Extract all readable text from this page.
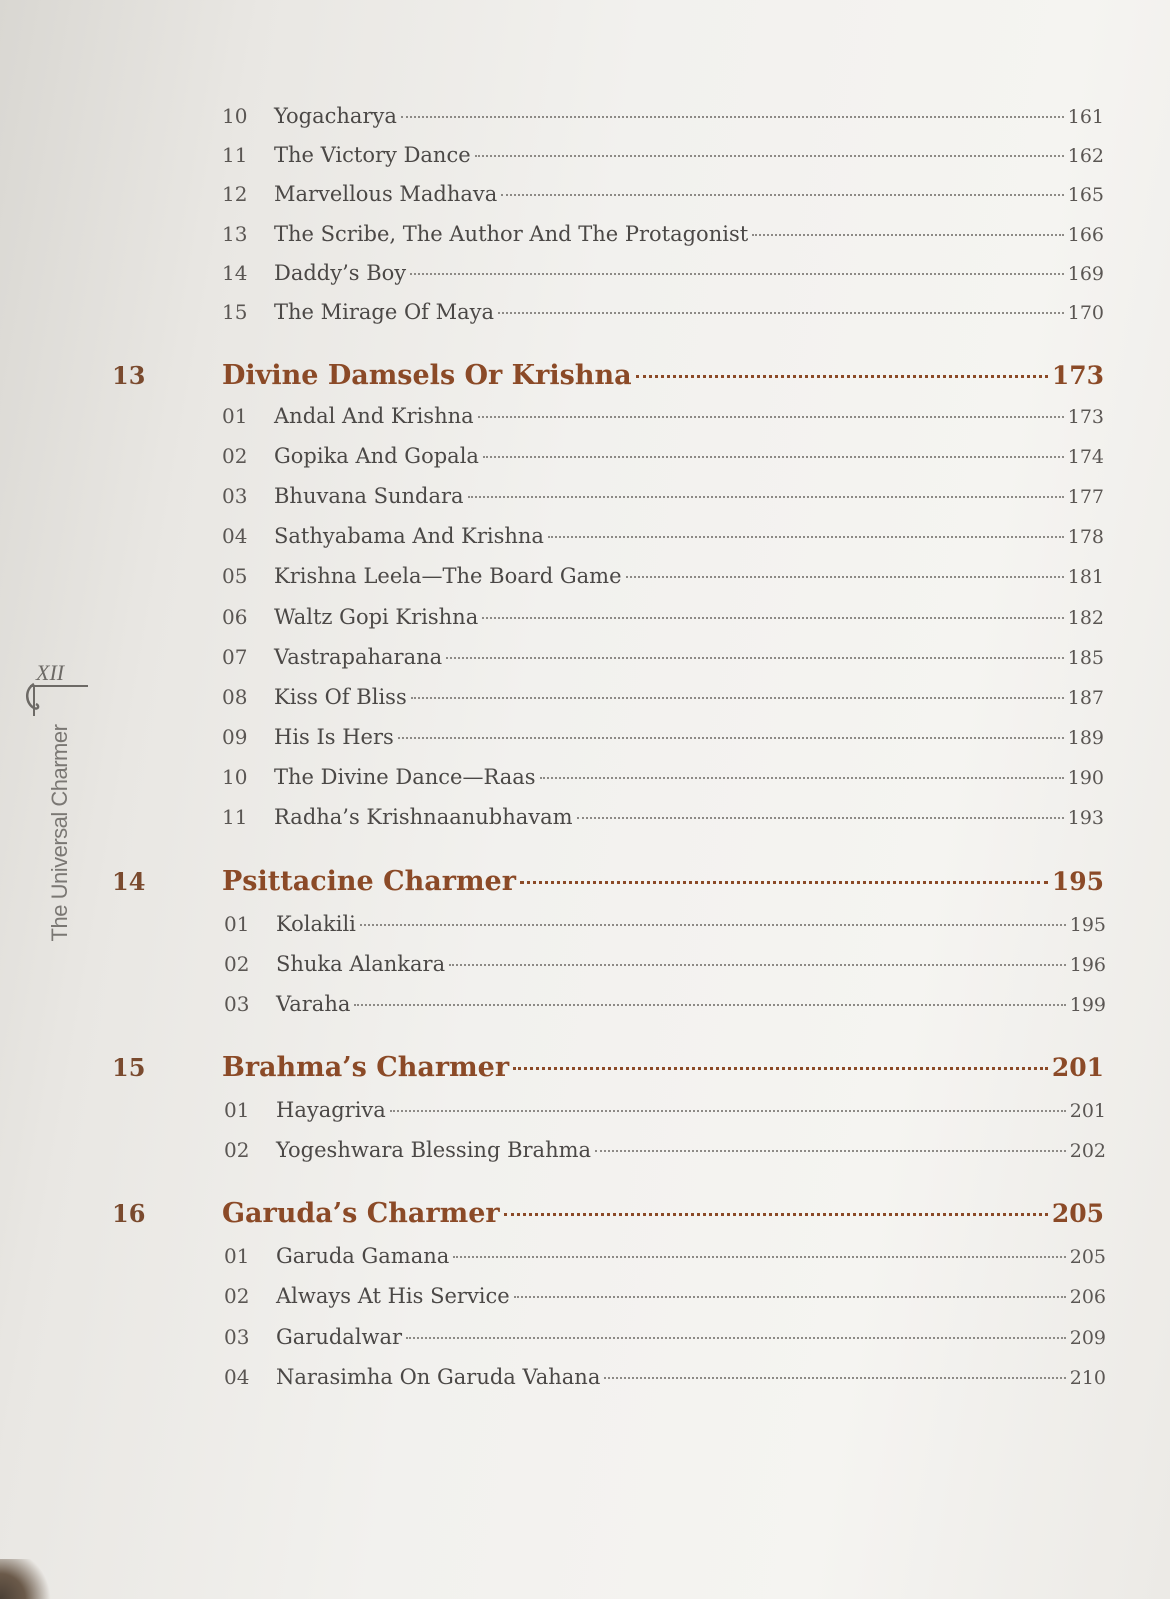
XII
The Universal Charmer
10	Yogacharya	161
11	The Victory Dance	162
12	Marvellous Madhava	165
13	The Scribe, The Author And The Protagonist	166
14	Daddy’s Boy	169
15	The Mirage Of Maya	170
13	Divine Damsels Or Krishna	173
01	Andal And Krishna	173
02	Gopika And Gopala	174
03	Bhuvana Sundara	177
04	Sathyabama And Krishna	178
05	Krishna Leela—The Board Game	181
06	Waltz Gopi Krishna	182
07	Vastrapaharana	185
08	Kiss Of Bliss	187
09	His Is Hers	189
10	The Divine Dance—Raas	190
11	Radha’s Krishnaanubhavam	193
14	Psittacine Charmer	195
01	Kolakili	195
02	Shuka Alankara	196
03	Varaha	199
15	Brahma’s Charmer	201
01	Hayagriva	201
02	Yogeshwara Blessing Brahma	202
16	Garuda’s Charmer	205
01	Garuda Gamana	205
02	Always At His Service	206
03	Garudalwar	209
04	Narasimha On Garuda Vahana	210
